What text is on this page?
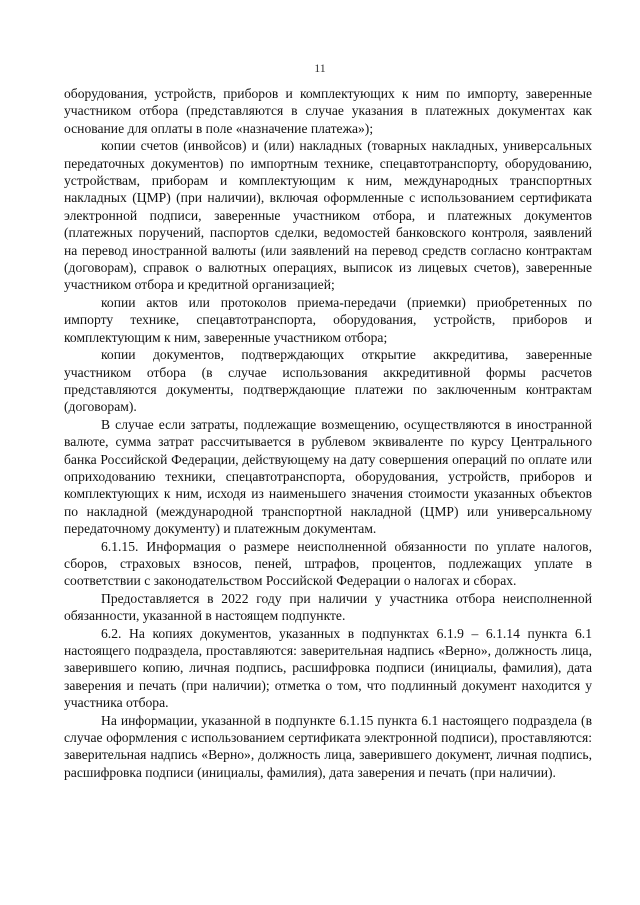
11

оборудования, устройств, приборов и комплектующих к ним по импорту, заверенные участником отбора (представляются в случае указания в платежных документах как основание для оплаты в поле «назначение платежа»);

копии счетов (инвойсов) и (или) накладных (товарных накладных, универсальных передаточных документов) по импортным технике, спецавтотранспорту, оборудованию, устройствам, приборам и комплектующим к ним, международных транспортных накладных (ЦМР) (при наличии), включая оформленные с использованием сертификата электронной подписи, заверенные участником отбора, и платежных документов (платежных поручений, паспортов сделки, ведомостей банковского контроля, заявлений на перевод иностранной валюты (или заявлений на перевод средств согласно контрактам (договорам), справок о валютных операциях, выписок из лицевых счетов), заверенные участником отбора и кредитной организацией;

копии актов или протоколов приема-передачи (приемки) приобретенных по импорту технике, спецавтотранспорта, оборудования, устройств, приборов и комплектующим к ним, заверенные участником отбора;

копии документов, подтверждающих открытие аккредитива, заверенные участником отбора (в случае использования аккредитивной формы расчетов представляются документы, подтверждающие платежи по заключенным контрактам (договорам).

В случае если затраты, подлежащие возмещению, осуществляются в иностранной валюте, сумма затрат рассчитывается в рублевом эквиваленте по курсу Центрального банка Российской Федерации, действующему на дату совершения операций по оплате или оприходованию техники, спецавтотранспорта, оборудования, устройств, приборов и комплектующих к ним, исходя из наименьшего значения стоимости указанных объектов по накладной (международной транспортной накладной (ЦМР) или универсальному передаточному документу) и платежным документам.

6.1.15. Информация о размере неисполненной обязанности по уплате налогов, сборов, страховых взносов, пеней, штрафов, процентов, подлежащих уплате в соответствии с законодательством Российской Федерации о налогах и сборах.

Предоставляется в 2022 году при наличии у участника отбора неисполненной обязанности, указанной в настоящем подпункте.

6.2. На копиях документов, указанных в подпунктах 6.1.9 – 6.1.14 пункта 6.1 настоящего подраздела, проставляются: заверительная надпись «Верно», должность лица, заверившего копию, личная подпись, расшифровка подписи (инициалы, фамилия), дата заверения и печать (при наличии); отметка о том, что подлинный документ находится у участника отбора.

На информации, указанной в подпункте 6.1.15 пункта 6.1 настоящего подраздела (в случае оформления с использованием сертификата электронной подписи), проставляются: заверительная надпись «Верно», должность лица, заверившего документ, личная подпись, расшифровка подписи (инициалы, фамилия), дата заверения и печать (при наличии).
